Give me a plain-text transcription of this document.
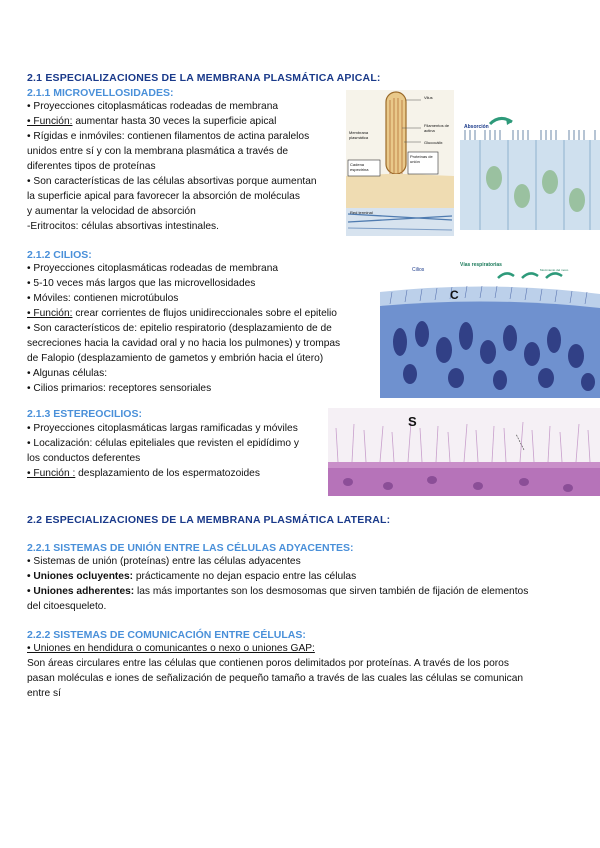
2.1 ESPECIALIZACIONES DE LA MEMBRANA PLASMÁTICA APICAL:
2.1.1 MICROVELLOSIDADES:
• Proyecciones citoplasmáticas rodeadas de membrana
• Función: aumentar hasta 30 veces la superficie apical
• Rígidas e inmóviles: contienen filamentos de actina paralelos
unidos entre sí y con la membrana plasmática a través de
diferentes tipos de proteínas
• Son características de las células absortivas porque aumentan
la superficie apical para favorecer la absorción de moléculas
y aumentar la velocidad de absorción
-Eritrocitos: células absortivas intestinales.
Vilus
Filamentos de actina
Glucocálix
Membrana plasmática
Proteínas de unión
Cadena espectrina
Red terminal
Absorción
2.1.2 CILIOS:
• Proyecciones citoplasmáticas rodeadas de membrana
• 5-10 veces más largos que las microvellosidades
• Móviles: contienen microtúbulos
• Función: crear corrientes de flujos unidireccionales sobre el epitelio
• Son característicos de: epitelio respiratorio (desplazamiento de de
secreciones hacia la cavidad oral y no hacia los pulmones) y trompas
de Falopio (desplazamiento de gametos y embrión hacia el útero)
• Algunas células:
• Cilios primarios: receptores sensoriales
Cilios
Vías respiratorias
Movimiento del moco
C
2.1.3 ESTEREOCILIOS:
• Proyecciones citoplasmáticas largas ramificadas y móviles
• Localización: células epiteliales que revisten el epidídimo y
los conductos deferentes
• Función : desplazamiento de los espermatozoides
S
2.2 ESPECIALIZACIONES DE LA MEMBRANA PLASMÁTICA LATERAL:
2.2.1 SISTEMAS DE UNIÓN ENTRE LAS CÉLULAS ADYACENTES:
• Sistemas de unión (proteínas) entre las células adyacentes
• Uniones ocluyentes: prácticamente no dejan espacio entre las células
• Uniones adherentes: las más importantes son los desmosomas que sirven también de fijación de elementos
del citoesqueleto.
2.2.2 SISTEMAS DE COMUNICACIÓN ENTRE CÉLULAS:
• Uniones en hendidura o comunicantes o nexo o uniones GAP:
Son áreas circulares entre las células que contienen poros delimitados por proteínas. A través de los poros
pasan moléculas e iones de señalización de pequeño tamaño a través de las cuales las células se comunican
entre sí
